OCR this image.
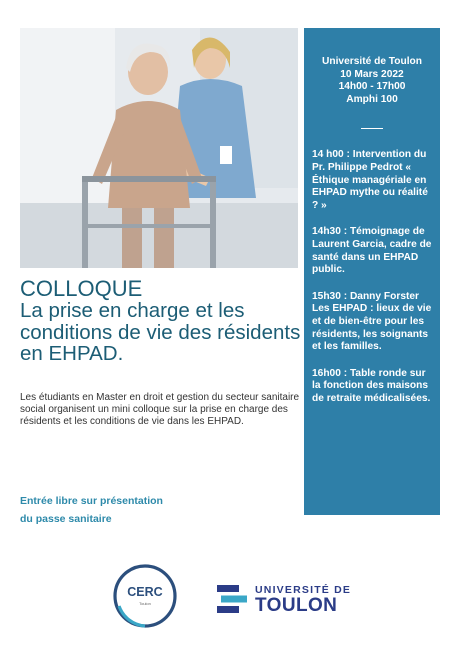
Université de Toulon
10 Mars 2022
14h00 - 17h00
Amphi 100
14 h00 : Intervention du Pr. Philippe Pedrot « Éthique managériale en EHPAD mythe ou réalité ? »
14h30 : Témoignage de Laurent Garcia, cadre de santé dans un EHPAD public.
15h30 : Danny Forster Les EHPAD : lieux de vie et de bien-être pour les résidents, les soignants et les familles.
16h00 : Table ronde sur la fonction des maisons de retraite médicalisées.
COLLOQUE
La prise en charge et les conditions de vie des résidents en EHPAD.
Les étudiants en Master en droit et gestion du secteur sanitaire social organisent un mini colloque sur la prise en charge des résidents et les conditions de vie dans les EHPAD.
Entrée libre sur présentation
du passe sanitaire
CERC
Toulon
UNIVERSITÉ DE
TOULON
